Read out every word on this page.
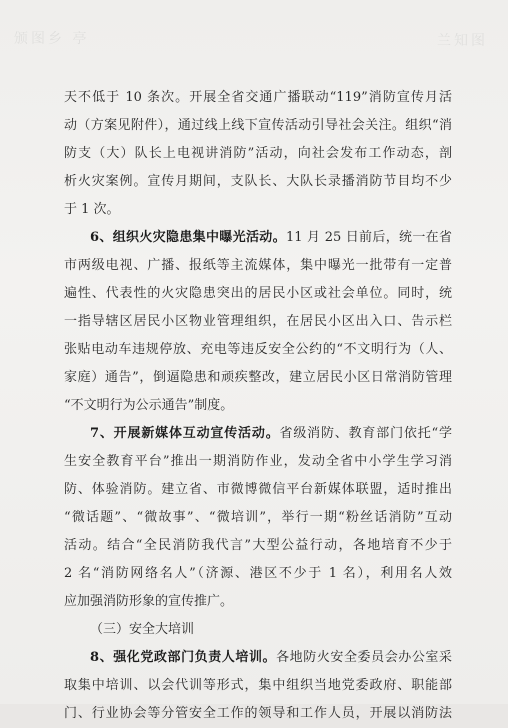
颁图乡 亭	兰知图
天不低于 10 条次。开展全省交通广播联动“119”消防宣传月活
动（方案见附件），通过线上线下宣传活动引导社会关注。组织“消
防支（大）队长上电视讲消防”活动，向社会发布工作动态，剖
析火灾案例。宣传月期间，支队长、大队长录播消防节目均不少
于 1 次。
6、组织火灾隐患集中曝光活动。11 月 25 日前后，统一在省
市两级电视、广播、报纸等主流媒体，集中曝光一批带有一定普
遍性、代表性的火灾隐患突出的居民小区或社会单位。同时，统
一指导辖区居民小区物业管理组织，在居民小区出入口、告示栏
张贴电动车违规停放、充电等违反安全公约的“不文明行为（人、
家庭）通告”，倒逼隐患和顽疾整改，建立居民小区日常消防管理
“不文明行为公示通告”制度。
7、开展新媒体互动宣传活动。省级消防、教育部门依托“学
生安全教育平台”推出一期消防作业，发动全省中小学生学习消
防、体验消防。建立省、市微博微信平台新媒体联盟，适时推出
“微话题”、“微故事”、“微培训”，举行一期“粉丝话消防”互动
活动。结合“全民消防我代言”大型公益行动，各地培育不少于
2 名“消防网络名人”（济源、港区不少于 1 名），利用名人效
应加强消防形象的宣传推广。
（三）安全大培训
8、强化党政部门负责人培训。各地防火安全委员会办公室采
取集中培训、以会代训等形式，集中组织当地党委政府、职能部
门、行业协会等分管安全工作的领导和工作人员，开展以消防法
